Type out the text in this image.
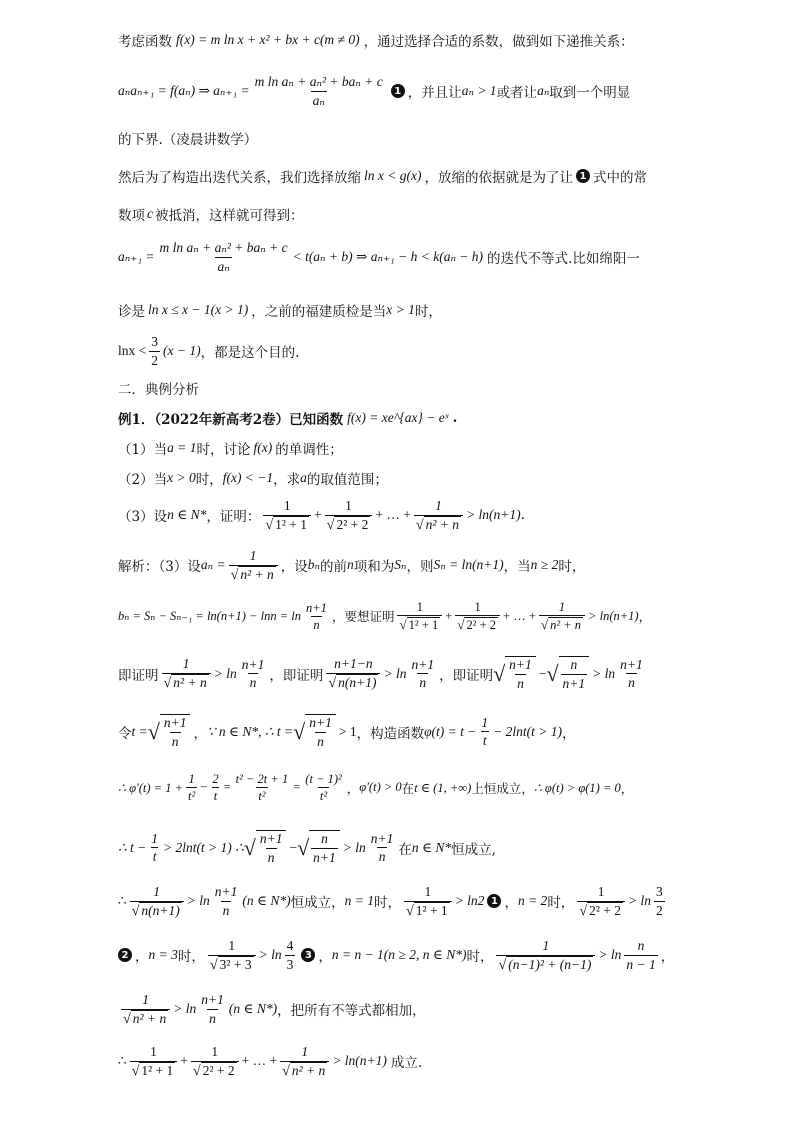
考虑函数 f(x) = m ln x + x² + bx + c(m ≠ 0) ，通过选择合适的系数，做到如下递推关系：
aₙaₙ₊₁ = f(aₙ) ⇒ $a_{n+1} = \frac{\text{m ln aₙ + aₙ² + baₙ + c}}{\text{aₙ}} 1$ ，并且让 aₙ > 1 或者让 aₙ 取到一个明显
的下界.（凌晨讲数学）
然后为了构造出迭代关系，我们选择放缩 ln x < g(x) ，放缩的依据就是为了让 1 式中的常
数项 c 被抵消，这样就可得到：
$a_{n+1} = \frac{\text{m ln aₙ + aₙ² + baₙ + c}}{\text{aₙ}} < t(a_n + b)$ ⇒ aₙ₊₁ − h < k(aₙ − h) 的迭代不等式.比如绵阳一
诊是 ln x ≤ x − 1(x > 1) ，之前的福建质检是当 x > 1 时，
$\ln x < \frac{3}{2} (x - 1)$ ，都是这个目的.
二．典例分析
例1．（2022年新高考2卷）已知函数 f(x) = xe^{ax} − eˣ .
（1）当 a = 1 时，讨论 f(x) 的单调性；
（2）当 x > 0 时， f(x) < −1 ，求 a 的取值范围；
（3）设 n ∈ N* ，证明： $\frac{1}{\text{√ 1² + 1}} + \frac{1}{\text{√ 2² + 2}}$ + … + $\frac{1}{\text{√ n² + n}} > \ln(n+1)$ .
解析：（3）设 $a_n = \frac{1}{\text{√ n² + n}}$ ，设 bₙ 的前 n 项和为 Sₙ ，则 Sₙ = ln(n+1) ，当 n ≥ 2 时，
$b_n = S_n - S_{n-1} = \ln(n+1) - \ln n = \ln \frac{n+1}{n}$ ，要想证明 $\frac{1}{\text{√ 1² + 1}} + \frac{1}{\text{√ 2² + 2}}$ + … + $\frac{1}{\text{√ n² + n}} > \ln(n+1)$ ，
即证明 $\frac{1}{\text{√ n² + n}} > \ln \frac{n+1}{n}$ ，即证明 $\frac{n+1-n}{√ n(n+1)} > \ln \frac{n+1}{n}$ ，即证明 √ $\frac{n+1}{n}$ − √ $\frac{n}{n+1} > \ln \frac{n+1}{n}$
令 t = √ $\frac{n+1}{n}$ ， ∵ n ∈ N*, ∴ t = √ $\frac{n+1}{n} > 1$ ，构造函数 $\varphi(t) = t - \frac{1}{t} - 2\ln t(t > 1)$ ，
∴ $\varphi'(t) = 1 + \frac{1}{\text{t²}} - \frac{2}{t} = \frac{\text{t² − 2t + 1}}{\text{t²}} = \frac{\text{(t − 1)²}}{\text{t²}}$ ， φ′(t) > 0 在 t ∈ (1, +∞) 上恒成立， ∴ φ(t) > φ(1) = 0 ，
∴ $t - \frac{1}{t} > 2\ln t(t > 1)$ ∴ √ $\frac{n+1}{n}$ − √ $\frac{n}{n+1} > \ln \frac{n+1}{n}$ 在 n ∈ N* 恒成立,
∴ $\frac{1}{√ n(n+1)} > \ln \frac{n+1}{n} (n$ ∈ N*) 恒成立， n = 1 时， $\frac{1}{\text{√ 1² + 1}} > \ln 2$ 1 ， n = 2 时， $\frac{1}{\text{√ 2² + 2}} > \ln \frac{3}{2}$
2 ， n = 3 时， $\frac{1}{\text{√ 3² + 3}} > \ln \frac{4}{3} 3$ ， n = n − 1(n ≥ 2, n ∈ N*) 时， $\frac{1}{\text{√ (n−1)² + (n−1)}} > \ln \frac{n}{n - 1}$ ，
$\frac{1}{\text{√ n² + n}} > \ln \frac{n+1}{n} (n$ ∈ N*) ，把所有不等式都相加，
∴ $\frac{1}{\text{√ 1² + 1}} + \frac{1}{\text{√ 2² + 2}}$ + … + $\frac{1}{\text{√ n² + n}} > \ln(n+1)$ 成立.
